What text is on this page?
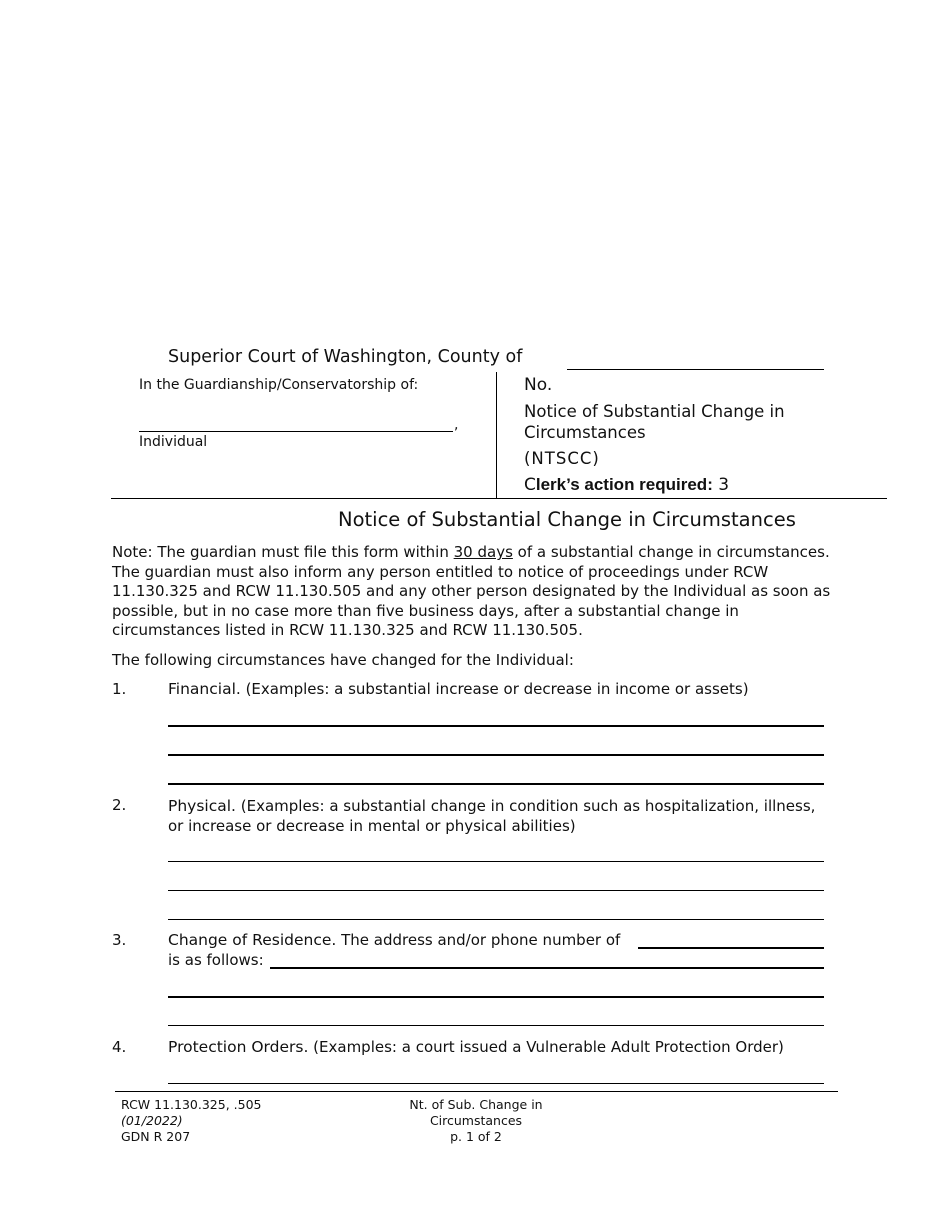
Superior Court of Washington, County of
In the Guardianship/Conservatorship of:
,
Individual
No.
Notice of Substantial Change in Circumstances
(NTSCC)
Clerk’s action required: 3
Notice of Substantial Change in Circumstances
Note: The guardian must file this form within 30 days of a substantial change in circumstances. The guardian must also inform any person entitled to notice of proceedings under RCW 11.130.325 and RCW 11.130.505 and any other person designated by the Individual as soon as possible, but in no case more than five business days, after a substantial change in circumstances listed in RCW 11.130.325 and RCW 11.130.505.
The following circumstances have changed for the Individual:
1.	Financial. (Examples: a substantial increase or decrease in income or assets)
2.	Physical. (Examples: a substantial change in condition such as hospitalization, illness, or increase or decrease in mental or physical abilities)
3.	Change of Residence. The address and/or phone number of
is as follows:
4.	Protection Orders. (Examples: a court issued a Vulnerable Adult Protection Order)
RCW 11.130.325, .505
(01/2022)
GDN R 207
Nt. of Sub. Change in
Circumstances
p. 1 of 2
